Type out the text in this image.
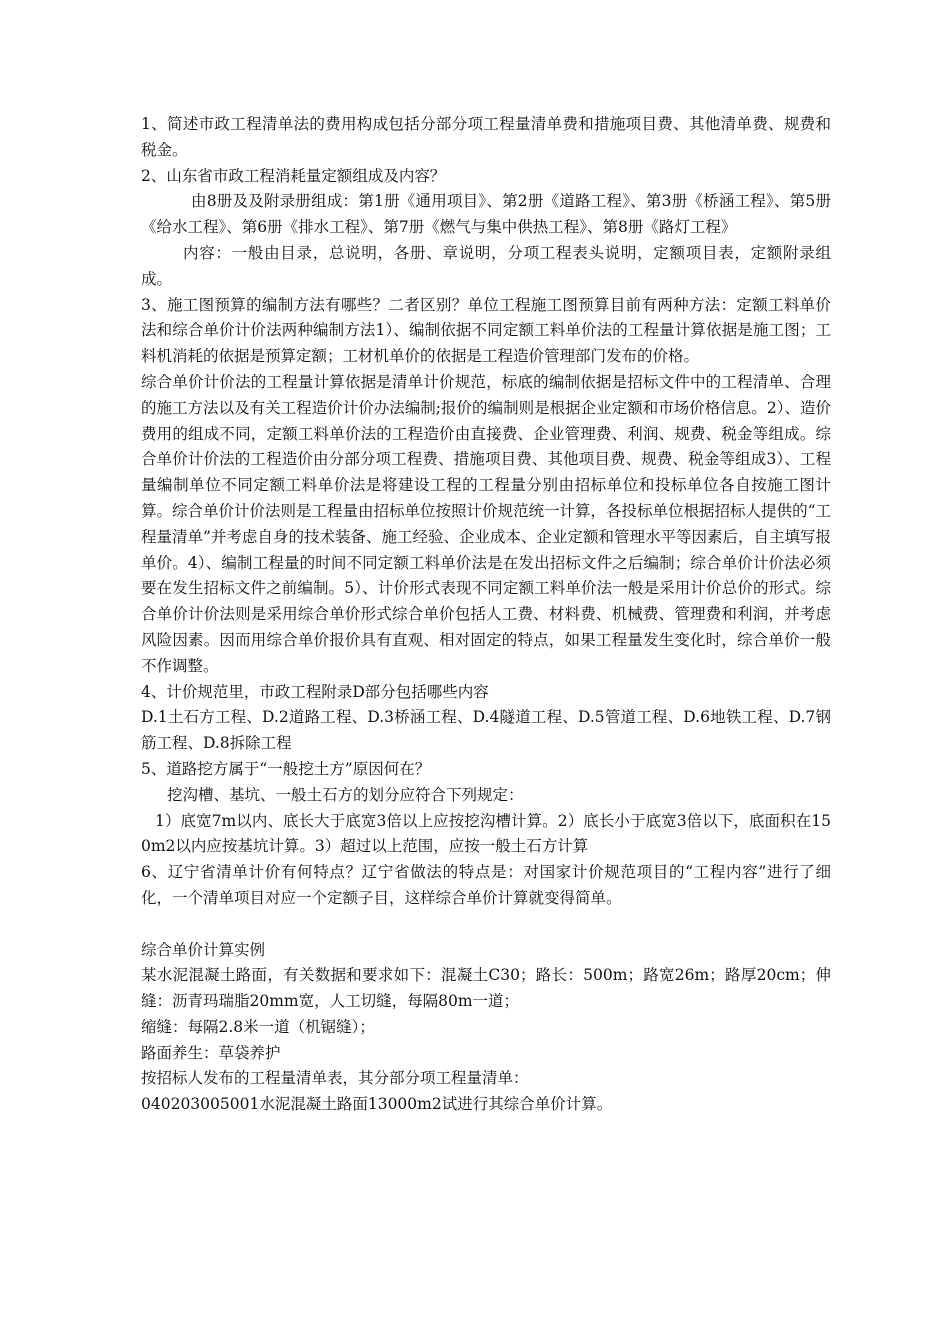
1、简述市政工程清单法的费用构成包括分部分项工程量清单费和措施项目费、其他清单费、规费和税金。

2、山东省市政工程消耗量定额组成及内容？

由8册及及附录册组成：第1册《通用项目》、第2册《道路工程》、第3册《桥涵工程》、第5册《给水工程》、第6册《排水工程》、第7册《燃气与集中供热工程》、第8册《路灯工程》

内容：一般由目录，总说明，各册、章说明，分项工程表头说明，定额项目表，定额附录组成。

3、施工图预算的编制方法有哪些？二者区别？单位工程施工图预算目前有两种方法：定额工料单价法和综合单价计价法两种编制方法1）、编制依据不同定额工料单价法的工程量计算依据是施工图；工料机消耗的依据是预算定额；工材机单价的依据是工程造价管理部门发布的价格。

综合单价计价法的工程量计算依据是清单计价规范，标底的编制依据是招标文件中的工程清单、合理的施工方法以及有关工程造价计价办法编制;报价的编制则是根据企业定额和市场价格信息。2）、造价费用的组成不同，定额工料单价法的工程造价由直接费、企业管理费、利润、规费、税金等组成。综合单价计价法的工程造价由分部分项工程费、措施项目费、其他项目费、规费、税金等组成3）、工程量编制单位不同定额工料单价法是将建设工程的工程量分别由招标单位和投标单位各自按施工图计算。综合单价计价法则是工程量由招标单位按照计价规范统一计算，各投标单位根据招标人提供的“工程量清单”并考虑自身的技术装备、施工经验、企业成本、企业定额和管理水平等因素后，自主填写报单价。4）、编制工程量的时间不同定额工料单价法是在发出招标文件之后编制；综合单价计价法必须要在发生招标文件之前编制。5）、计价形式表现不同定额工料单价法一般是采用计价总价的形式。综合单价计价法则是采用综合单价形式综合单价包括人工费、材料费、机械费、管理费和利润，并考虑风险因素。因而用综合单价报价具有直观、相对固定的特点，如果工程量发生变化时，综合单价一般不作调整。

4、计价规范里，市政工程附录D部分包括哪些内容

D.1土石方工程、D.2道路工程、D.3桥涵工程、D.4隧道工程、D.5管道工程、D.6地铁工程、D.7钢筋工程、D.8拆除工程

5、道路挖方属于“一般挖土方”原因何在？

挖沟槽、基坑、一般土石方的划分应符合下列规定：

1）底宽7m以内、底长大于底宽3倍以上应按挖沟槽计算。2）底长小于底宽3倍以下，底面积在150m2以内应按基坑计算。3）超过以上范围，应按一般土石方计算

6、辽宁省清单计价有何特点？辽宁省做法的特点是：对国家计价规范项目的“工程内容”进行了细化，一个清单项目对应一个定额子目，这样综合单价计算就变得简单。

综合单价计算实例

某水泥混凝土路面，有关数据和要求如下：混凝土C30；路长：500m；路宽26m；路厚20cm；伸缝：沥青玛瑞脂20mm宽，人工切缝，每隔80m一道；

缩缝：每隔2.8米一道（机锯缝）；

路面养生：草袋养护

按招标人发布的工程量清单表，其分部分项工程量清单：

040203005001水泥混凝土路面13000m2试进行其综合单价计算。
